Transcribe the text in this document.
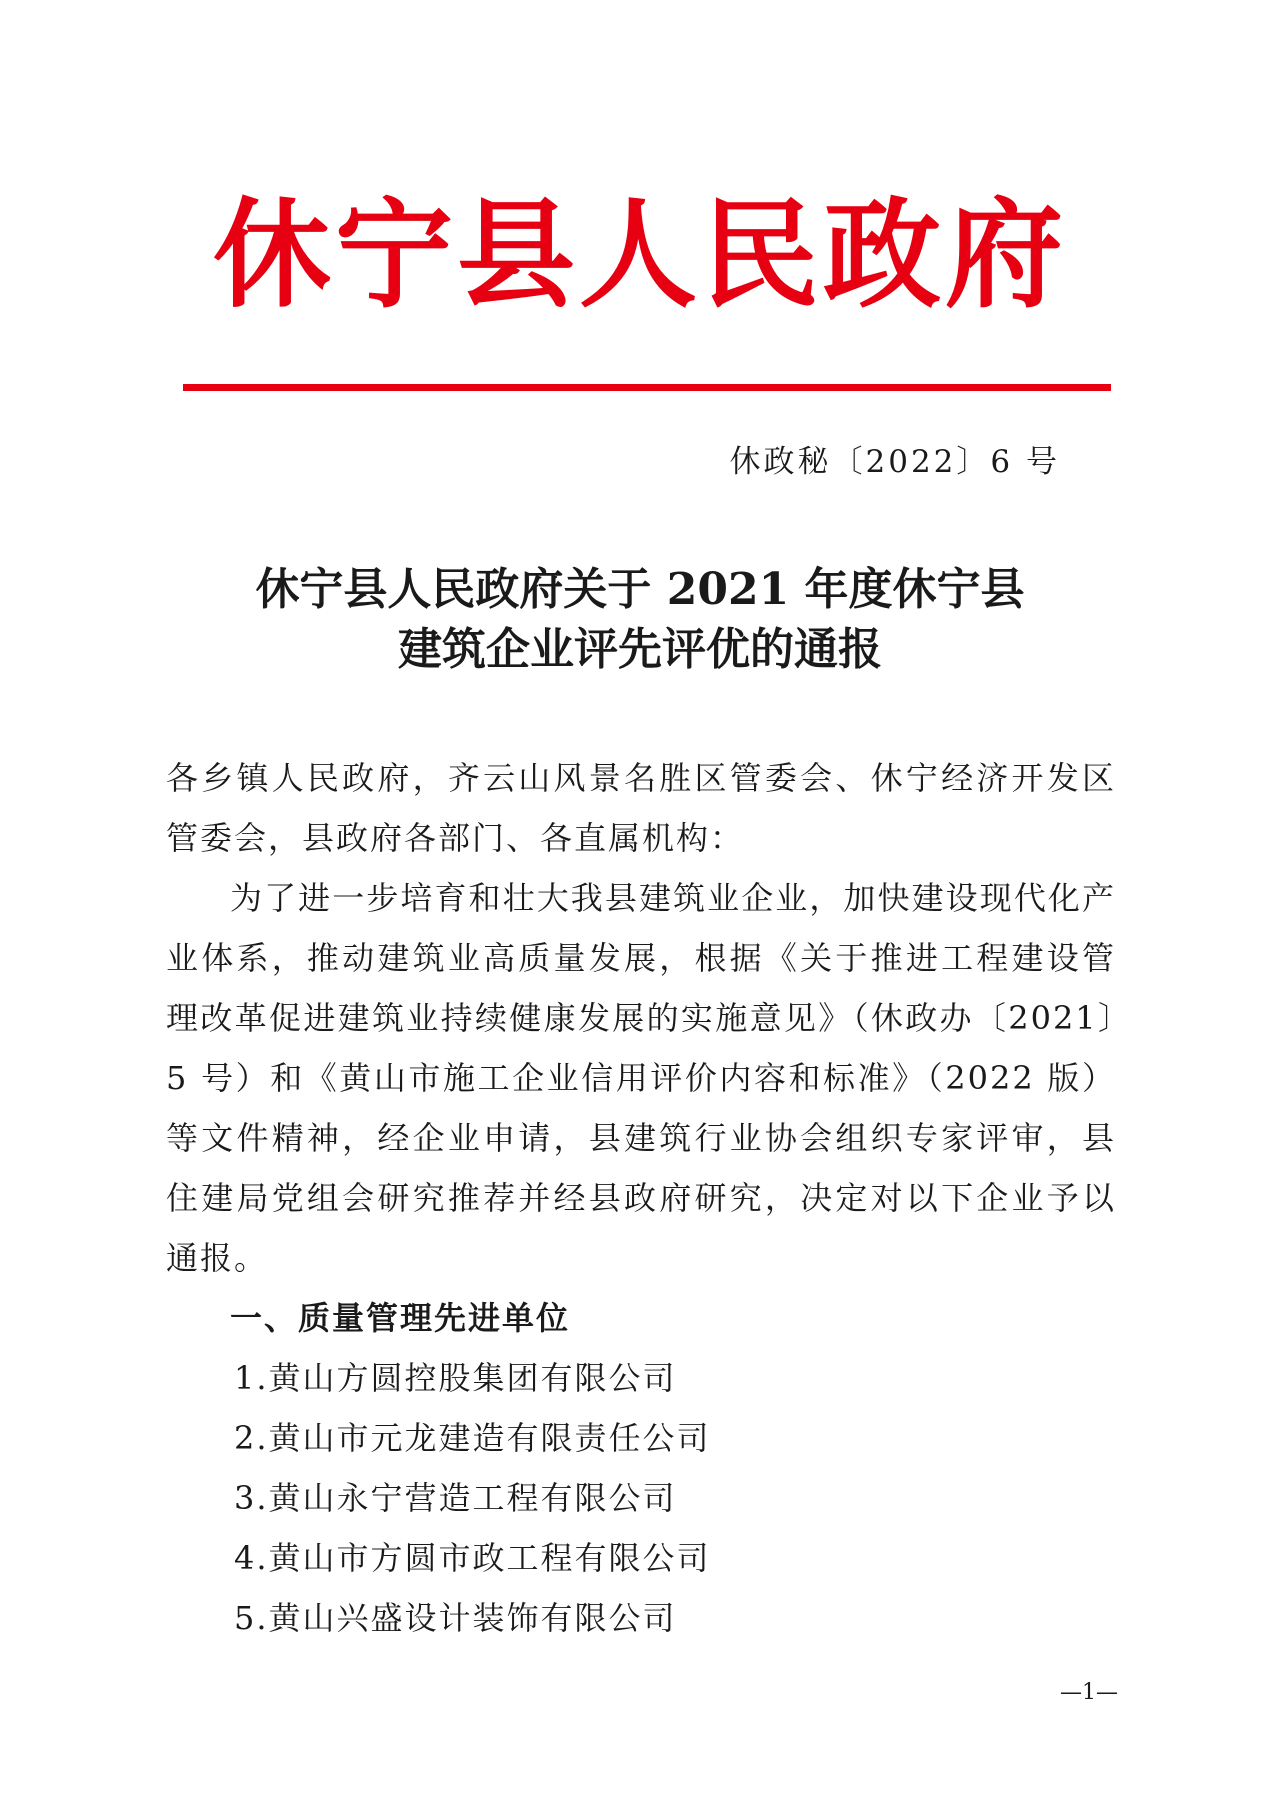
休宁县人民政府
休政秘〔2022〕6 号
休宁县人民政府关于 2021 年度休宁县
建筑企业评先评优的通报

各乡镇人民政府，齐云山风景名胜区管委会、休宁经济开发区管委会，县政府各部门、各直属机构：

为了进一步培育和壮大我县建筑业企业，加快建设现代化产业体系，推动建筑业高质量发展，根据《关于推进工程建设管理改革促进建筑业持续健康发展的实施意见》（休政办〔2021〕5 号）和《黄山市施工企业信用评价内容和标准》（2022 版）等文件精神，经企业申请，县建筑行业协会组织专家评审，县住建局党组会研究推荐并经县政府研究，决定对以下企业予以通报。

一、质量管理先进单位

1.黄山方圆控股集团有限公司

2.黄山市元龙建造有限责任公司

3.黄山永宁营造工程有限公司

4.黄山市方圆市政工程有限公司

5.黄山兴盛设计装饰有限公司

—1—
